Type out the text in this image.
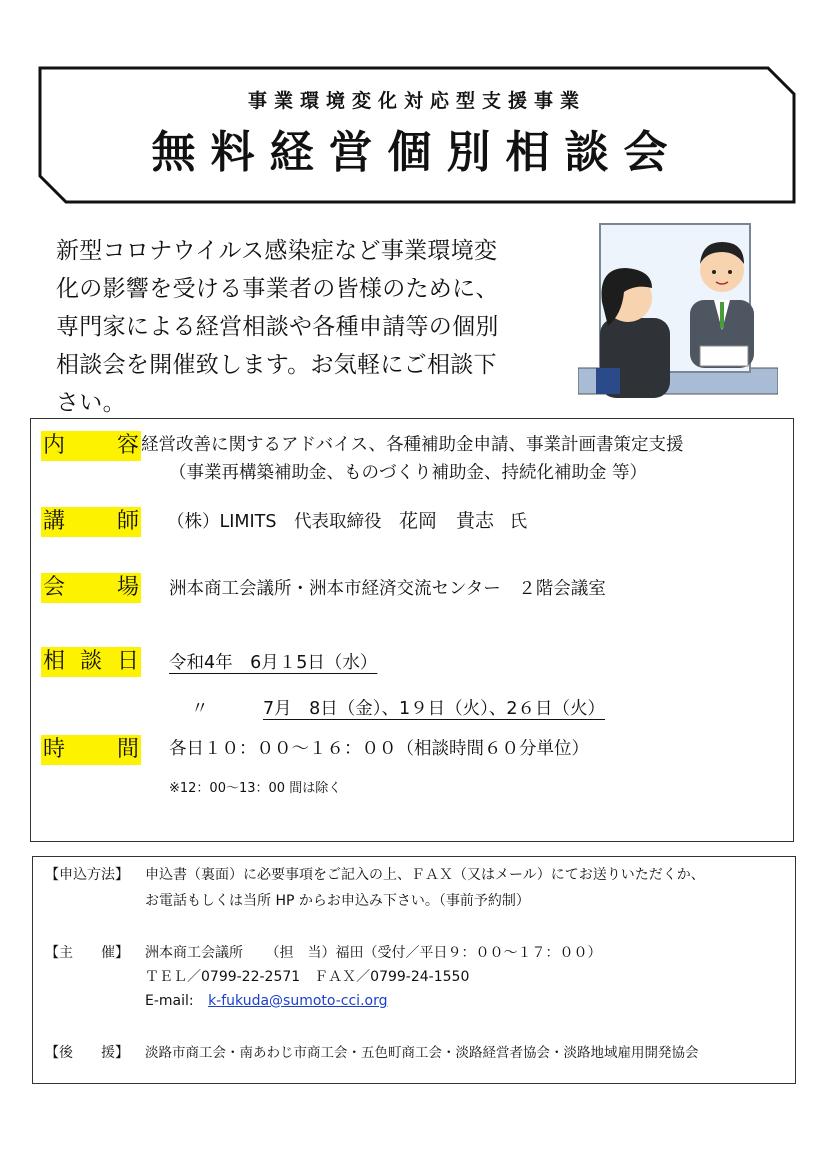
事業環境変化対応型支援事業
無料経営個別相談会
新型コロナウイルス感染症など事業環境変
化の影響を受ける事業者の皆様のために、
専門家による経営相談や各種申請等の個別
相談会を開催致します。お気軽にご相談下
さい。
内 容 経営改善に関するアドバイス、各種補助金申請、事業計画書策定支援
（事業再構築補助金、ものづくり補助金、持続化補助金 等）
講 師 （株）LIMITS　代表取締役 花岡　貴志 氏
会 場 洲本商工会議所・洲本市経済交流センター　２階会議室
相 談 日 令和4年　6月１5日（水）
〃	7月　8日（金）、1９日（火）、2６日（火）
時 間 各日１０：００～１６：００（相談時間６０分単位）
※12：00～13：00 間は除く
【申込方法】 申込書（裏面）に必要事項をご記入の上、ＦＡＸ（又はメール）にてお送りいただくか、
お電話もしくは当所 HP からお申込み下さい。（事前予約制）
【主　　催】 洲本商工会議所 （担　当）福田（受付／平日９：００～１７：００）
ＴＥＬ／0799-22-2571　ＦＡＸ／0799-24-1550
E-mail: k-fukuda@sumoto-cci.org
【後　　援】 淡路市商工会・南あわじ市商工会・五色町商工会・淡路経営者協会・淡路地域雇用開発協会
